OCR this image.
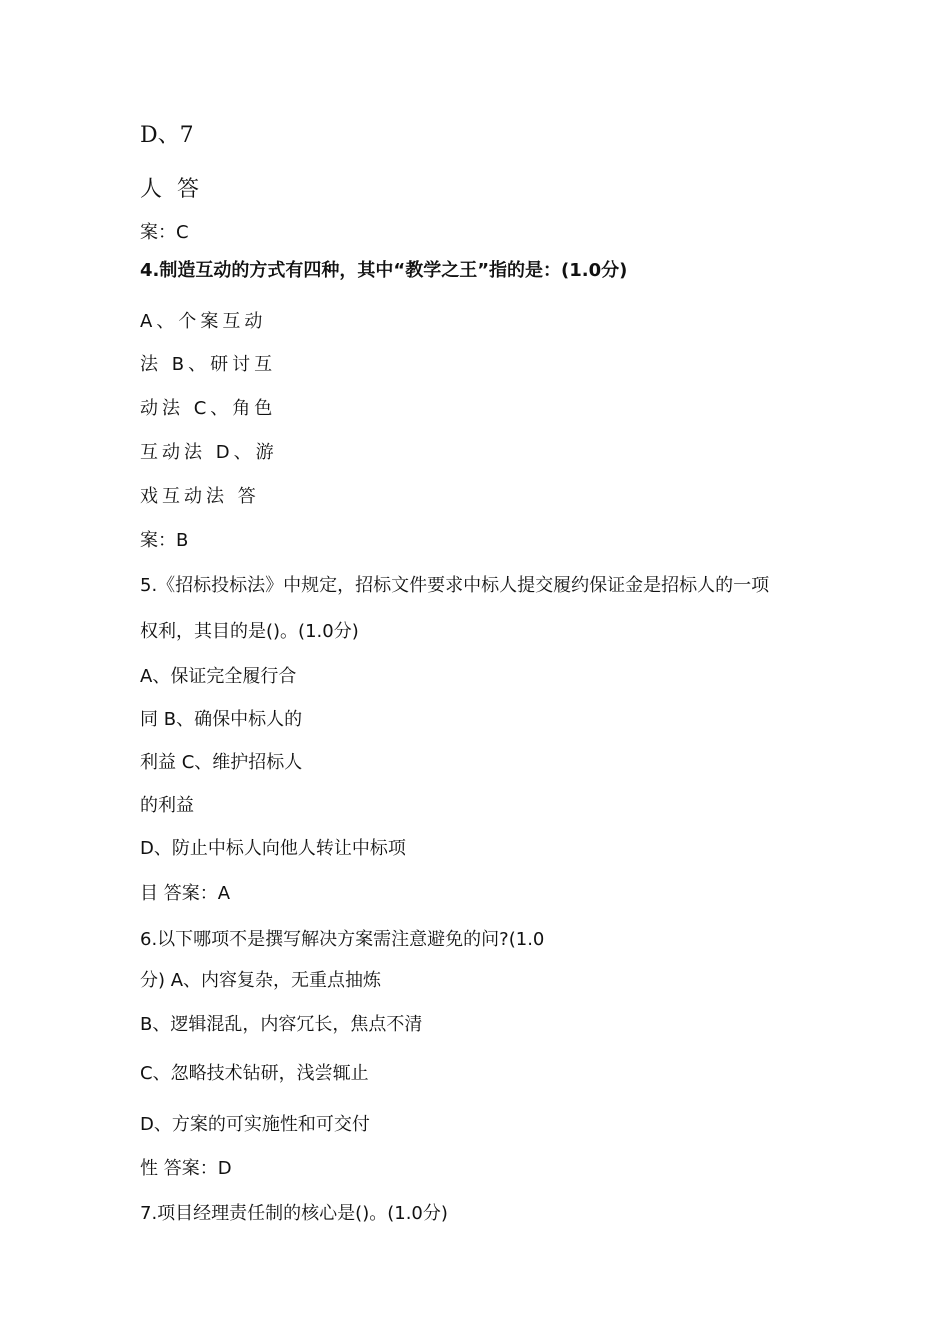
D、7
人 答
案：C
4.制造互动的方式有四种，其中“教学之王”指的是：(1.0分)
A、个案互动
法 B、研讨互
动法 C、角色
互动法 D、游
戏互动法 答
案：B
5.《招标投标法》中规定，招标文件要求中标人提交履约保证金是招标人的一项
权利，其目的是()。(1.0分)
A、保证完全履行合
同 B、确保中标人的
利益 C、维护招标人
的利益
D、防止中标人向他人转让中标项
目 答案：A
6.以下哪项不是撰写解决方案需注意避免的问?(1.0
分) A、内容复杂，无重点抽炼
B、逻辑混乱，内容冗长，焦点不清
C、忽略技术钻研，浅尝辄止
D、方案的可实施性和可交付
性 答案：D
7.项目经理责任制的核心是()。(1.0分)
